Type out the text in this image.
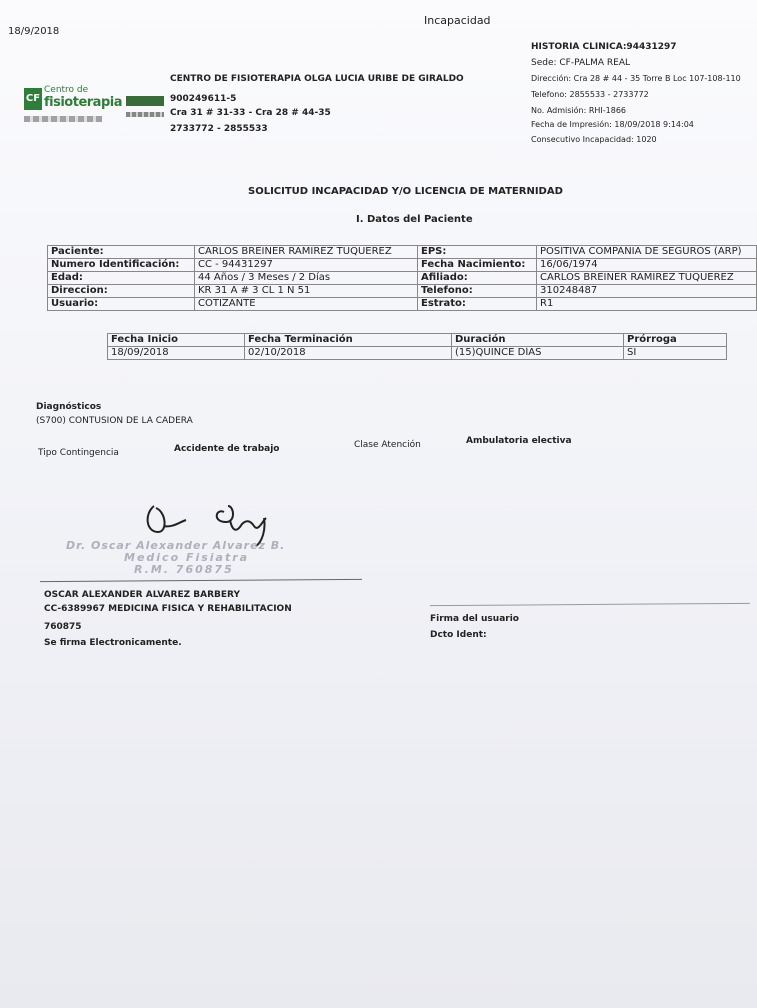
18/9/2018
Incapacidad
CF
Centro de
fisioterapia
CENTRO DE FISIOTERAPIA OLGA LUCIA URIBE DE GIRALDO
900249611-5
Cra 31 # 31-33 - Cra 28 # 44-35
2733772 - 2855533
HISTORIA CLINICA:94431297
Sede: CF-PALMA REAL
Dirección: Cra 28 # 44 - 35 Torre B Loc 107-108-110
Telefono: 2855533 - 2733772
No. Admisión: RHI-1866
Fecha de Impresión: 18/09/2018 9:14:04
Consecutivo Incapacidad: 1020
SOLICITUD INCAPACIDAD Y/O LICENCIA DE MATERNIDAD
I. Datos del Paciente
Paciente:	CARLOS BREINER RAMIREZ TUQUEREZ	EPS:	POSITIVA COMPAÑIA DE SEGUROS (ARP)
Numero Identificación:	CC - 94431297	Fecha Nacimiento:	16/06/1974
Edad:	44 Años / 3 Meses / 2 Días	Afiliado:	CARLOS BREINER RAMIREZ TUQUEREZ
Direccion:	KR 31 A # 3 CL 1 N 51	Telefono:	310248487
Usuario:	COTIZANTE	Estrato:	R1
Fecha Inicio	Fecha Terminación	Duración	Prórroga
18/09/2018	02/10/2018	(15)QUINCE DÍAS	SI
Diagnósticos
(S700) CONTUSION DE LA CADERA
Tipo Contingencia	Accidente de trabajo	Clase Atención	Ambulatoria electiva
Dr. Oscar Alexander Alvarez B.
Medico Fisiatra
R.M. 760875
OSCAR ALEXANDER ALVAREZ BARBERY
CC-6389967 MEDICINA FISICA Y REHABILITACION
760875
Se firma Electronicamente.
Firma del usuario
Dcto Ident:
